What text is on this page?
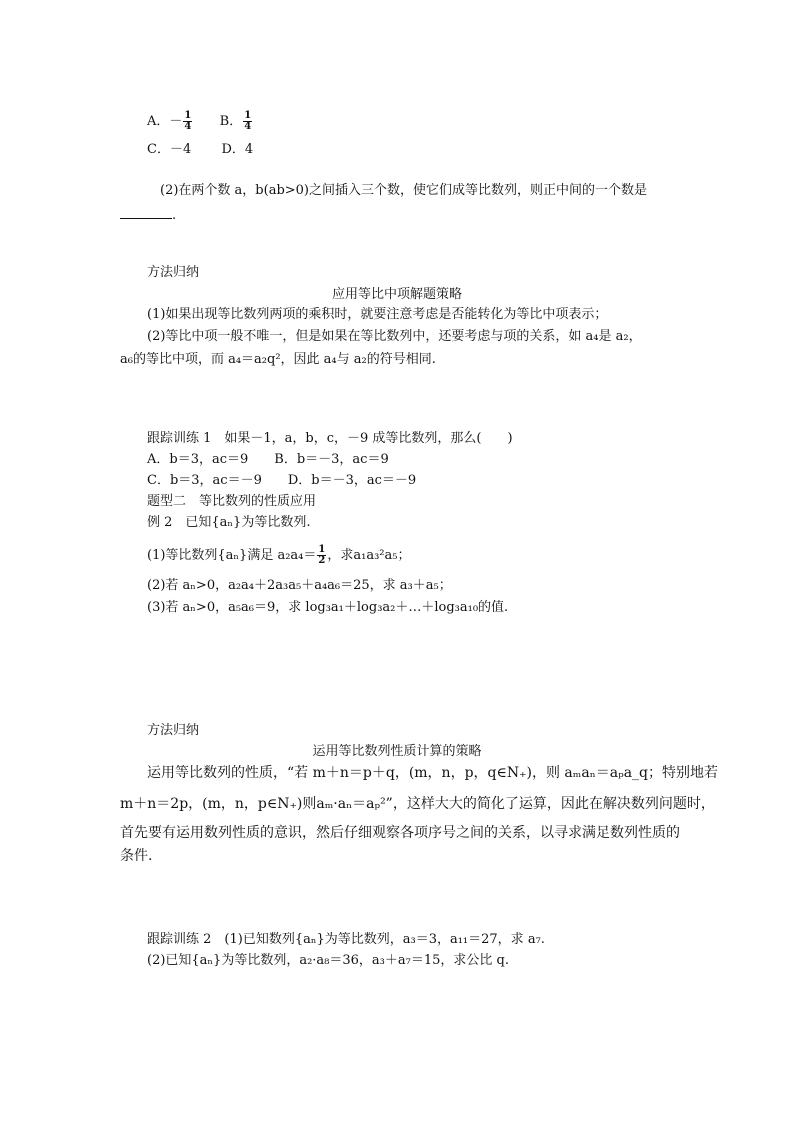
A．－ $\frac{1}{4}$ B． $\frac{1}{4}$
C．－4 D．4
(2)在两个数 a，b(ab>0)之间插入三个数，使它们成等比数列，则正中间的一个数是
.
方法归纳
应用等比中项解题策略
(1)如果出现等比数列两项的乘积时，就要注意考虑是否能转化为等比中项表示；
(2)等比中项一般不唯一，但是如果在等比数列中，还要考虑与项的关系，如 a₄是 a₂，
a₆的等比中项，而 a₄＝a₂q²，因此 a₄与 a₂的符号相同.
跟踪训练 1　如果－1，a，b，c，－9 成等比数列，那么(　　)
A．b＝3，ac＝9　　B．b＝－3，ac＝9
C．b＝3，ac＝－9　　D．b＝－3，ac＝－9
题型二　等比数列的性质应用
例 2　已知{aₙ}为等比数列.
(1)等比数列{aₙ}满足 $a_2a_4= \frac{1}{2}$ ，求a₁a₃²a₅；
(2)若 aₙ>0，a₂a₄＋2a₃a₅＋a₄a₆＝25，求 a₃＋a₅；
(3)若 aₙ>0，a₅a₆＝9，求 log₃a₁＋log₃a₂＋…＋log₃a₁₀的值.
方法归纳
运用等比数列性质计算的策略
运用等比数列的性质，“若 m＋n＝p＋q，(m，n，p，q∈N₊)，则 aₘaₙ＝aₚa_q；特别地若
m＋n＝2p，(m，n，p∈N₊)则aₘ·aₙ＝aₚ²”，这样大大的简化了运算，因此在解决数列问题时，
首先要有运用数列性质的意识，然后仔细观察各项序号之间的关系，以寻求满足数列性质的
条件.
跟踪训练 2　(1)已知数列{aₙ}为等比数列，a₃＝3，a₁₁＝27，求 a₇.
(2)已知{aₙ}为等比数列，a₂·a₈＝36，a₃＋a₇＝15，求公比 q.
